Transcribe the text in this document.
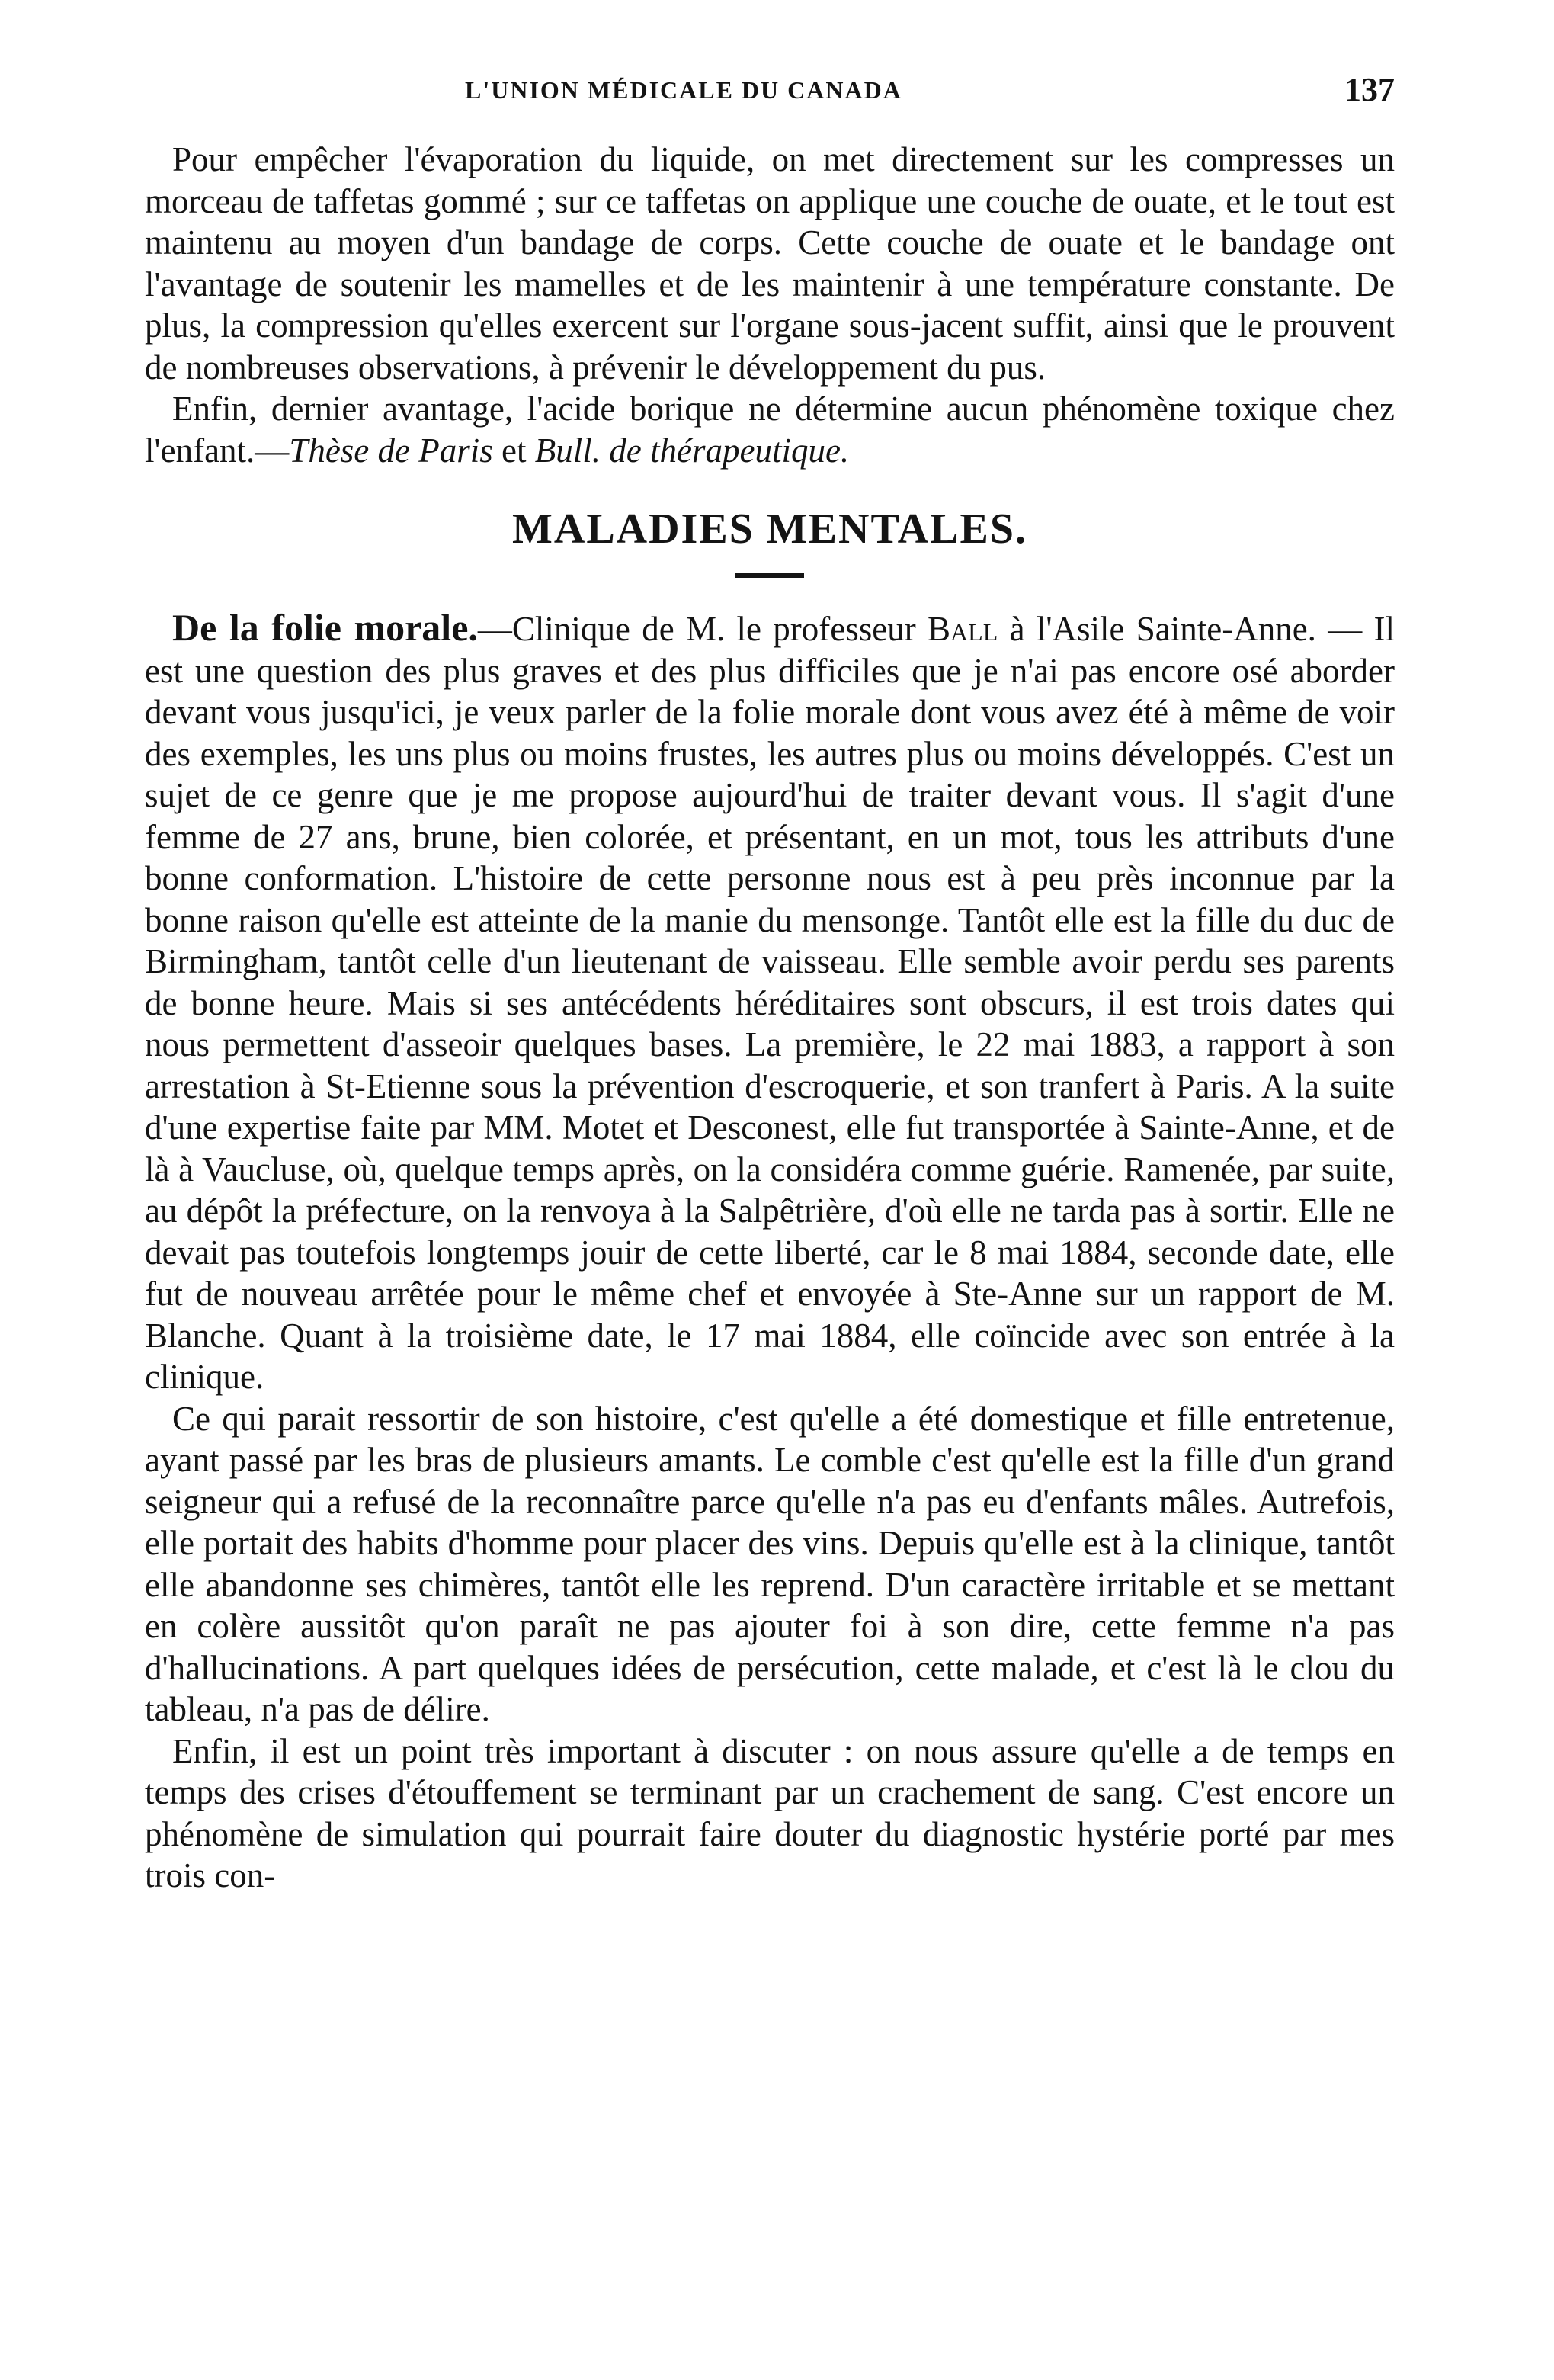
L'UNION MÉDICALE DU CANADA	137

Pour empêcher l'évaporation du liquide, on met directement sur les compresses un morceau de taffetas gommé ; sur ce taffetas on applique une couche de ouate, et le tout est maintenu au moyen d'un bandage de corps. Cette couche de ouate et le bandage ont l'avantage de soutenir les mamelles et de les maintenir à une température constante. De plus, la compression qu'elles exercent sur l'organe sous-jacent suffit, ainsi que le prouvent de nombreuses observations, à prévenir le développement du pus.

Enfin, dernier avantage, l'acide borique ne détermine aucun phénomène toxique chez l'enfant.—Thèse de Paris et Bull. de thérapeutique.

MALADIES MENTALES.

De la folie morale.—Clinique de M. le professeur Ball à l'Asile Sainte-Anne. — Il est une question des plus graves et des plus difficiles que je n'ai pas encore osé aborder devant vous jusqu'ici, je veux parler de la folie morale dont vous avez été à même de voir des exemples, les uns plus ou moins frustes, les autres plus ou moins développés. C'est un sujet de ce genre que je me propose aujourd'hui de traiter devant vous. Il s'agit d'une femme de 27 ans, brune, bien colorée, et présentant, en un mot, tous les attributs d'une bonne conformation. L'histoire de cette personne nous est à peu près inconnue par la bonne raison qu'elle est atteinte de la manie du mensonge. Tantôt elle est la fille du duc de Birmingham, tantôt celle d'un lieutenant de vaisseau. Elle semble avoir perdu ses parents de bonne heure. Mais si ses antécédents héréditaires sont obscurs, il est trois dates qui nous permettent d'asseoir quelques bases. La première, le 22 mai 1883, a rapport à son arrestation à St-Etienne sous la prévention d'escroquerie, et son tranfert à Paris. A la suite d'une expertise faite par MM. Motet et Desconest, elle fut transportée à Sainte-Anne, et de là à Vaucluse, où, quelque temps après, on la considéra comme guérie. Ramenée, par suite, au dépôt la préfecture, on la renvoya à la Salpêtrière, d'où elle ne tarda pas à sortir. Elle ne devait pas toutefois longtemps jouir de cette liberté, car le 8 mai 1884, seconde date, elle fut de nouveau arrêtée pour le même chef et envoyée à Ste-Anne sur un rapport de M. Blanche. Quant à la troisième date, le 17 mai 1884, elle coïncide avec son entrée à la clinique.

Ce qui parait ressortir de son histoire, c'est qu'elle a été domestique et fille entretenue, ayant passé par les bras de plusieurs amants. Le comble c'est qu'elle est la fille d'un grand seigneur qui a refusé de la reconnaître parce qu'elle n'a pas eu d'enfants mâles. Autrefois, elle portait des habits d'homme pour placer des vins. Depuis qu'elle est à la clinique, tantôt elle abandonne ses chimères, tantôt elle les reprend. D'un caractère irritable et se mettant en colère aussitôt qu'on paraît ne pas ajouter foi à son dire, cette femme n'a pas d'hallucinations. A part quelques idées de persécution, cette malade, et c'est là le clou du tableau, n'a pas de délire.

Enfin, il est un point très important à discuter : on nous assure qu'elle a de temps en temps des crises d'étouffement se terminant par un crachement de sang. C'est encore un phénomène de simulation qui pourrait faire douter du diagnostic hystérie porté par mes trois con-
